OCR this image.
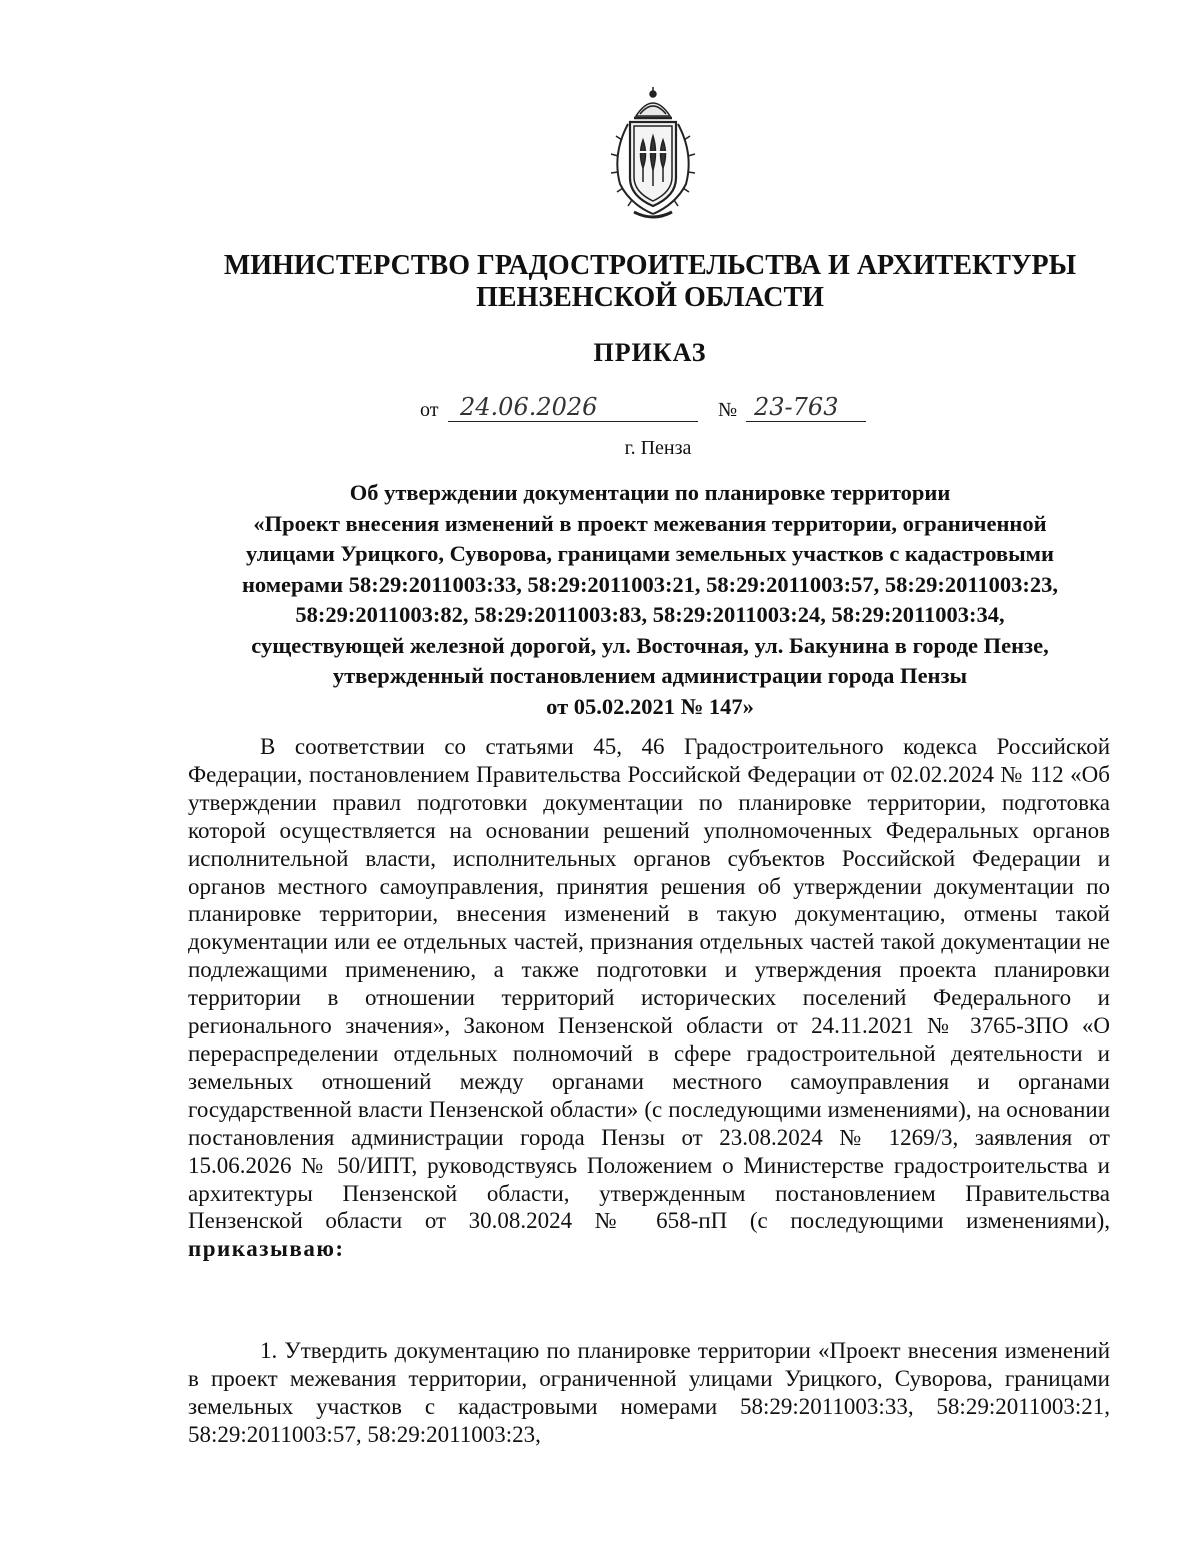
МИНИСТЕРСТВО ГРАДОСТРОИТЕЛЬСТВА И АРХИТЕКТУРЫ
ПЕНЗЕНСКОЙ ОБЛАСТИ
ПРИКАЗ
от 24.06.2026	№ 23-763
г. Пенза
Об утверждении документации по планировке территории
«Проект внесения изменений в проект межевания территории, ограниченной
улицами Урицкого, Суворова, границами земельных участков с кадастровыми
номерами 58:29:2011003:33, 58:29:2011003:21, 58:29:2011003:57, 58:29:2011003:23,
58:29:2011003:82, 58:29:2011003:83, 58:29:2011003:24, 58:29:2011003:34,
существующей железной дорогой, ул. Восточная, ул. Бакунина в городе Пензе,
утвержденный постановлением администрации города Пензы
от 05.02.2021 № 147»

В соответствии со статьями 45, 46 Градостроительного кодекса Российской Федерации, постановлением Правительства Российской Федерации от 02.02.2024 № 112 «Об утверждении правил подготовки документации по планировке территории, подготовка которой осуществляется на основании решений уполномоченных Федеральных органов исполнительной власти, исполнительных органов субъектов Российской Федерации и органов местного самоуправления, принятия решения об утверждении документации по планировке территории, внесения изменений в такую документацию, отмены такой документации или ее отдельных частей, признания отдельных частей такой документации не подлежащими применению, а также подготовки и утверждения проекта планировки территории в отношении территорий исторических поселений Федерального и регионального значения», Законом Пензенской области от 24.11.2021 № 3765-ЗПО «О перераспределении отдельных полномочий в сфере градостроительной деятельности и земельных отношений между органами местного самоуправления и органами государственной власти Пензенской области» (с последующими изменениями), на основании постановления администрации города Пензы от 23.08.2024 № 1269/3, заявления от 15.06.2026 № 50/ИПТ, руководствуясь Положением о Министерстве градостроительства и архитектуры Пензенской области, утвержденным постановлением Правительства Пензенской области от 30.08.2024 № 658-пП (с последующими изменениями), приказываю:

1. Утвердить документацию по планировке территории «Проект внесения изменений в проект межевания территории, ограниченной улицами Урицкого, Суворова, границами земельных участков с кадастровыми номерами 58:29:2011003:33, 58:29:2011003:21, 58:29:2011003:57, 58:29:2011003:23,
